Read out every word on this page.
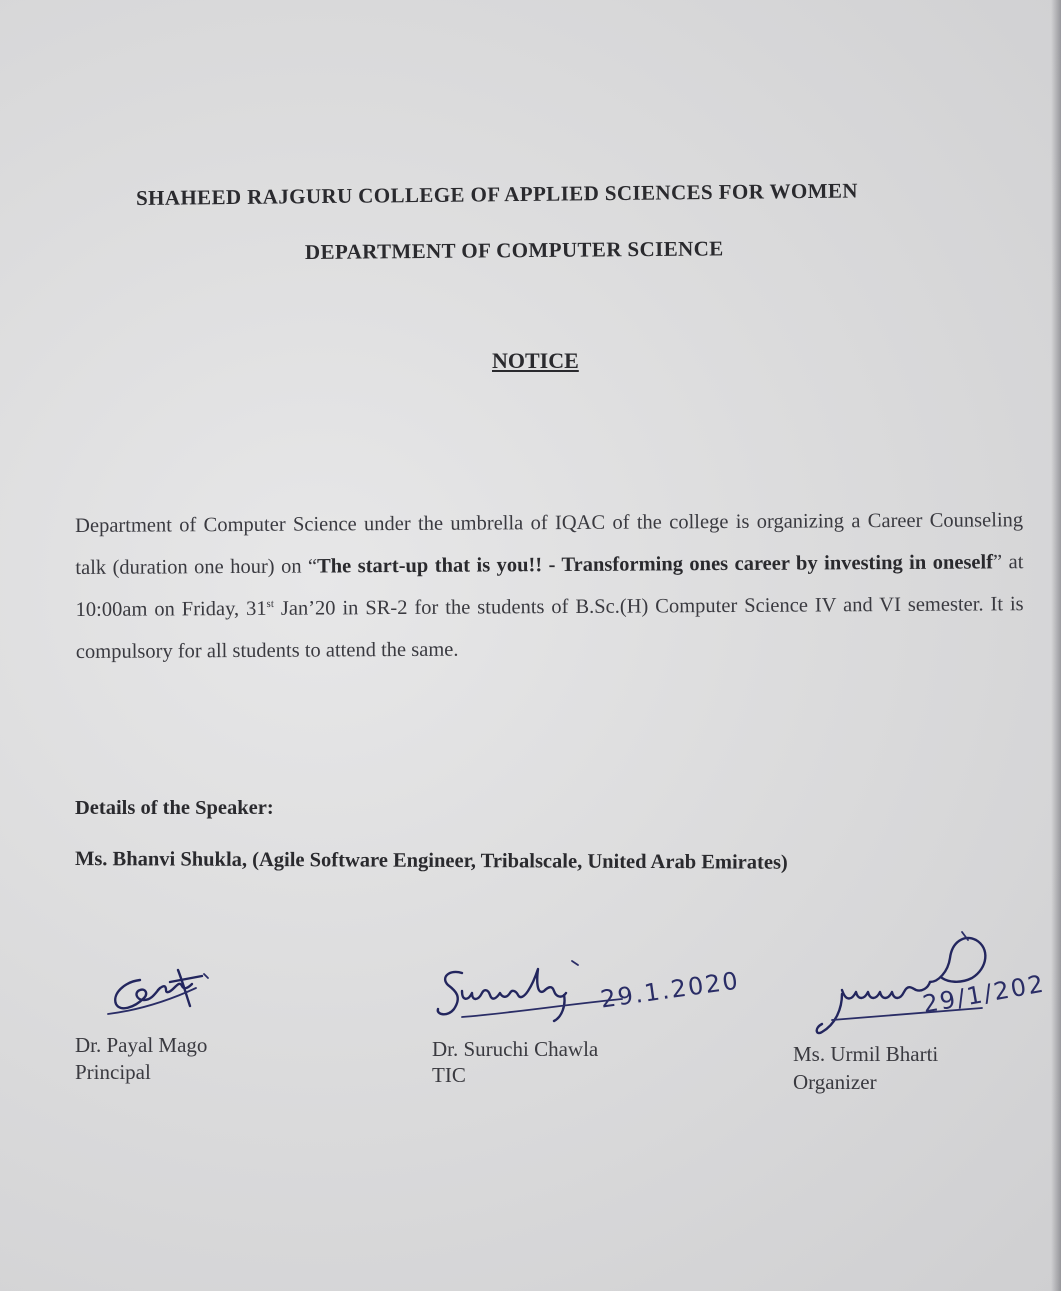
SHAHEED RAJGURU COLLEGE OF APPLIED SCIENCES FOR WOMEN
DEPARTMENT OF COMPUTER SCIENCE
NOTICE
Department of Computer Science under the umbrella of IQAC of the college is organizing a Career Counseling talk (duration one hour) on “The start-up that is you!! - Transforming ones career by investing in oneself” at 10:00am on Friday, 31st Jan’20 in SR-2 for the students of B.Sc.(H) Computer Science IV and VI semester. It is compulsory for all students to attend the same.
Details of the Speaker:
Ms. Bhanvi Shukla, (Agile Software Engineer, Tribalscale, United Arab Emirates)
Dr. Payal Mago
Principal
29.1.2020
Dr. Suruchi Chawla
TIC
29/1/202
Ms. Urmil Bharti
Organizer
